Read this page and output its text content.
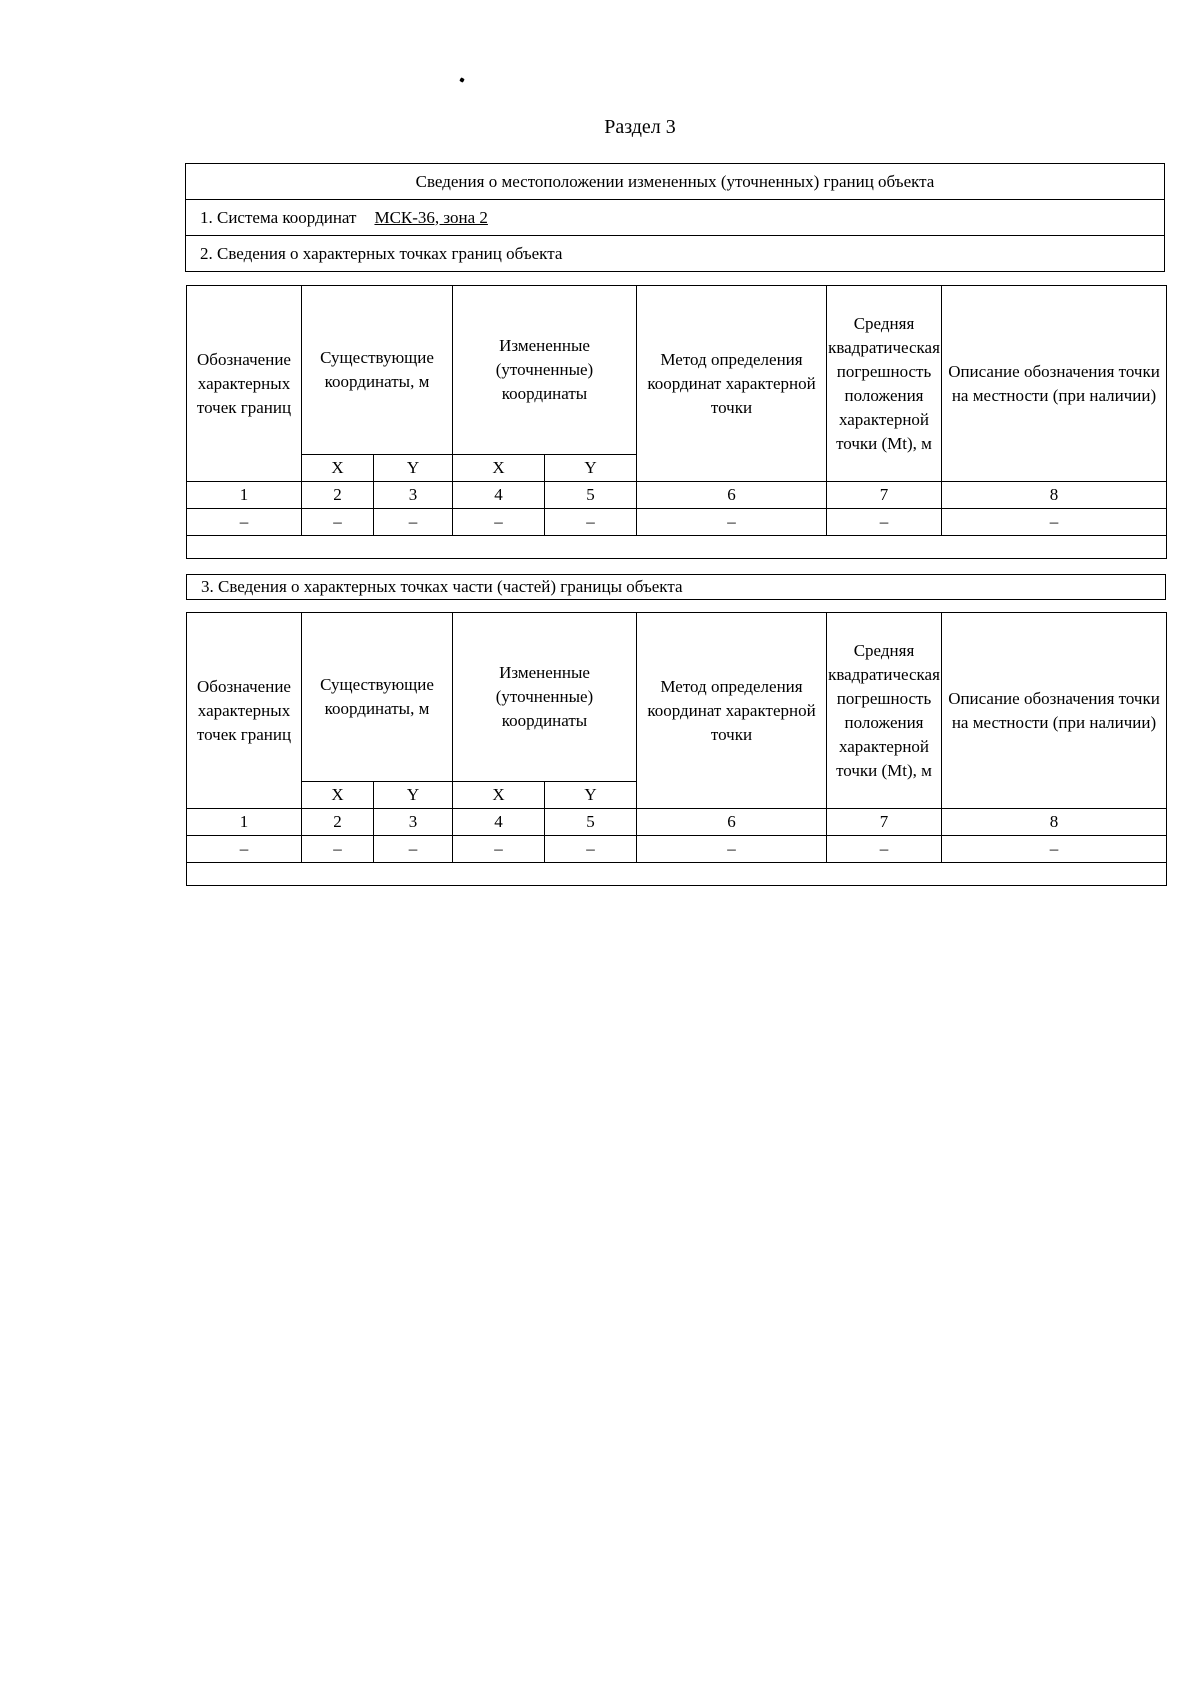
Раздел 3
Сведения о местоположении измененных (уточненных) границ объекта
1. Система координат МСК-36, зона 2
2. Сведения о характерных точках границ объекта
Обозначение характерных точек границ	Существующие координаты, м		Измененные (уточненные) координаты		Метод определения координат характерной точки	Средняя квадратическая погрешность положения характерной точки (Mt), м	Описание обозначения точки на местности (при наличии)
	X	Y	X	Y			
1	2	3	4	5	6	7	8
–	–	–	–	–	–	–	–

3. Сведения о характерных точках части (частей) границы объекта
Обозначение характерных точек границ	Существующие координаты, м		Измененные (уточненные) координаты		Метод определения координат характерной точки	Средняя квадратическая погрешность положения характерной точки (Mt), м	Описание обозначения точки на местности (при наличии)
	X	Y	X	Y			
1	2	3	4	5	6	7	8
–	–	–	–	–	–	–	–
